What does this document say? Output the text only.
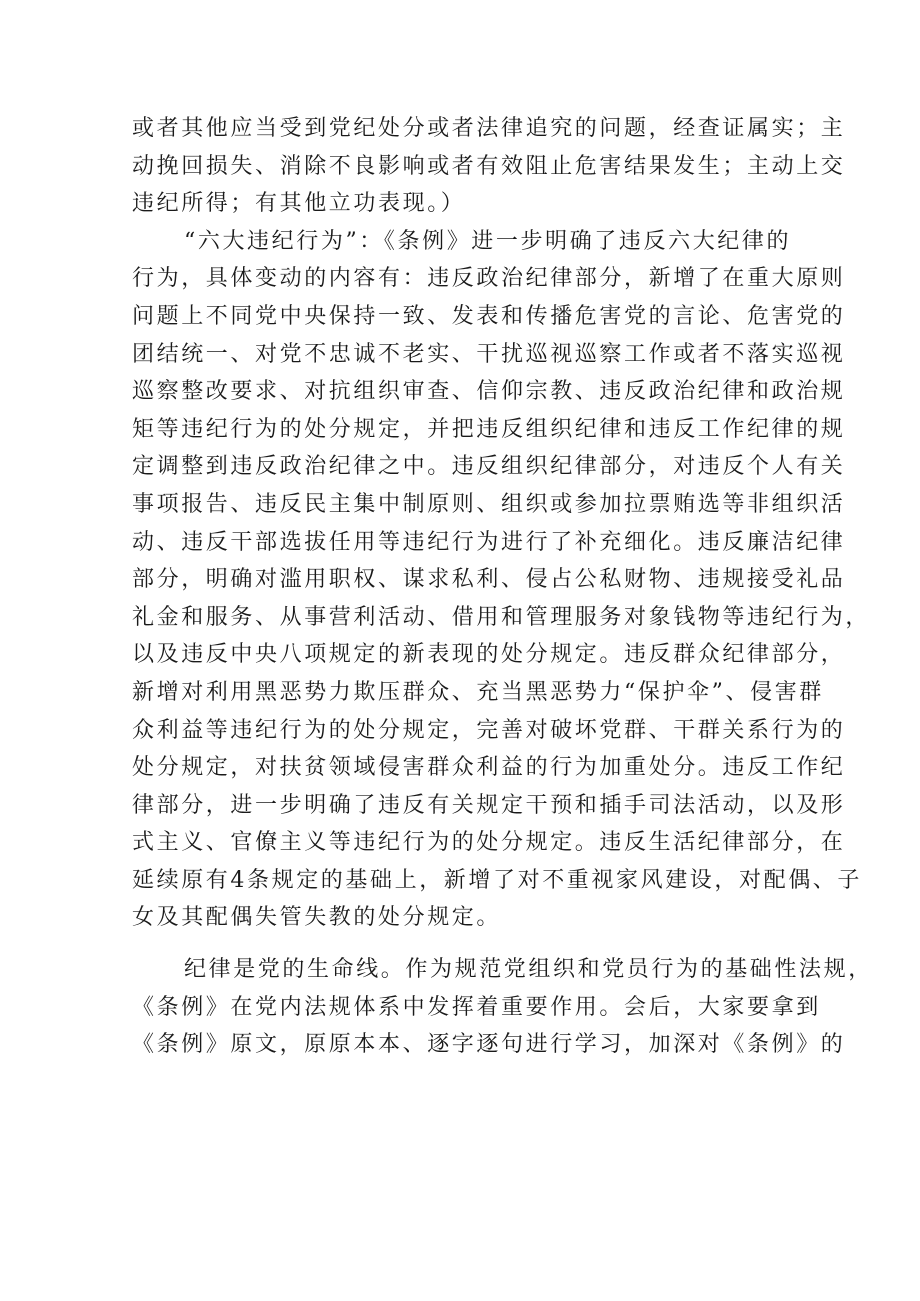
或者其他应当受到党纪处分或者法律追究的问题，经查证属实；主
动挽回损失、消除不良影响或者有效阻止危害结果发生；主动上交
违纪所得；有其他立功表现。）
“六大违纪行为”：《条例》进一步明确了违反六大纪律的
行为，具体变动的内容有：违反政治纪律部分，新增了在重大原则
问题上不同党中央保持一致、发表和传播危害党的言论、危害党的
团结统一、对党不忠诚不老实、干扰巡视巡察工作或者不落实巡视
巡察整改要求、对抗组织审查、信仰宗教、违反政治纪律和政治规
矩等违纪行为的处分规定，并把违反组织纪律和违反工作纪律的规
定调整到违反政治纪律之中。违反组织纪律部分，对违反个人有关
事项报告、违反民主集中制原则、组织或参加拉票贿选等非组织活
动、违反干部选拔任用等违纪行为进行了补充细化。违反廉洁纪律
部分，明确对滥用职权、谋求私利、侵占公私财物、违规接受礼品
礼金和服务、从事营利活动、借用和管理服务对象钱物等违纪行为，
以及违反中央八项规定的新表现的处分规定。违反群众纪律部分，
新增对利用黑恶势力欺压群众、充当黑恶势力“保护伞”、侵害群
众利益等违纪行为的处分规定，完善对破坏党群、干群关系行为的
处分规定，对扶贫领域侵害群众利益的行为加重处分。违反工作纪
律部分，进一步明确了违反有关规定干预和插手司法活动，以及形
式主义、官僚主义等违纪行为的处分规定。违反生活纪律部分，在
延续原有4条规定的基础上，新增了对不重视家风建设，对配偶、子
女及其配偶失管失教的处分规定。
纪律是党的生命线。作为规范党组织和党员行为的基础性法规，
《条例》在党内法规体系中发挥着重要作用。会后，大家要拿到
《条例》原文，原原本本、逐字逐句进行学习，加深对《条例》的
